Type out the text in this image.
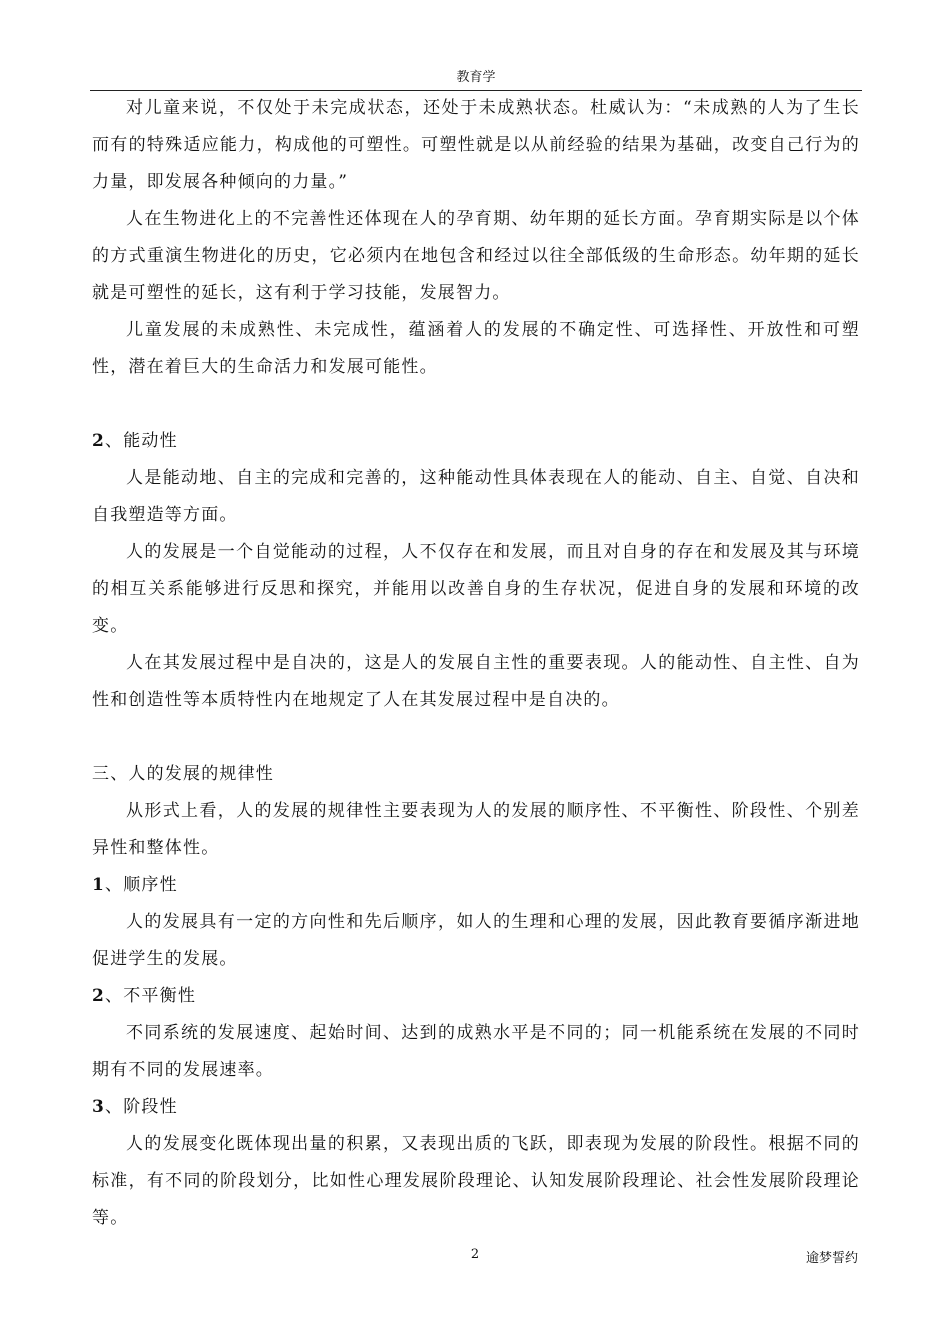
教育学

对儿童来说，不仅处于未完成状态，还处于未成熟状态。杜威认为：“未成熟的人为了生长而有的特殊适应能力，构成他的可塑性。可塑性就是以从前经验的结果为基础，改变自己行为的力量，即发展各种倾向的力量。”

人在生物进化上的不完善性还体现在人的孕育期、幼年期的延长方面。孕育期实际是以个体的方式重演生物进化的历史，它必须内在地包含和经过以往全部低级的生命形态。幼年期的延长就是可塑性的延长，这有利于学习技能，发展智力。

儿童发展的未成熟性、未完成性，蕴涵着人的发展的不确定性、可选择性、开放性和可塑性，潜在着巨大的生命活力和发展可能性。

2、能动性

人是能动地、自主的完成和完善的，这种能动性具体表现在人的能动、自主、自觉、自决和自我塑造等方面。

人的发展是一个自觉能动的过程，人不仅存在和发展，而且对自身的存在和发展及其与环境的相互关系能够进行反思和探究，并能用以改善自身的生存状况，促进自身的发展和环境的改变。

人在其发展过程中是自决的，这是人的发展自主性的重要表现。人的能动性、自主性、自为性和创造性等本质特性内在地规定了人在其发展过程中是自决的。

三、人的发展的规律性

从形式上看，人的发展的规律性主要表现为人的发展的顺序性、不平衡性、阶段性、个别差异性和整体性。

1、顺序性

人的发展具有一定的方向性和先后顺序，如人的生理和心理的发展，因此教育要循序渐进地促进学生的发展。

2、不平衡性

不同系统的发展速度、起始时间、达到的成熟水平是不同的；同一机能系统在发展的不同时期有不同的发展速率。

3、阶段性

人的发展变化既体现出量的积累，又表现出质的飞跃，即表现为发展的阶段性。根据不同的标准，有不同的阶段划分，比如性心理发展阶段理论、认知发展阶段理论、社会性发展阶段理论等。

2	逾梦誓约
